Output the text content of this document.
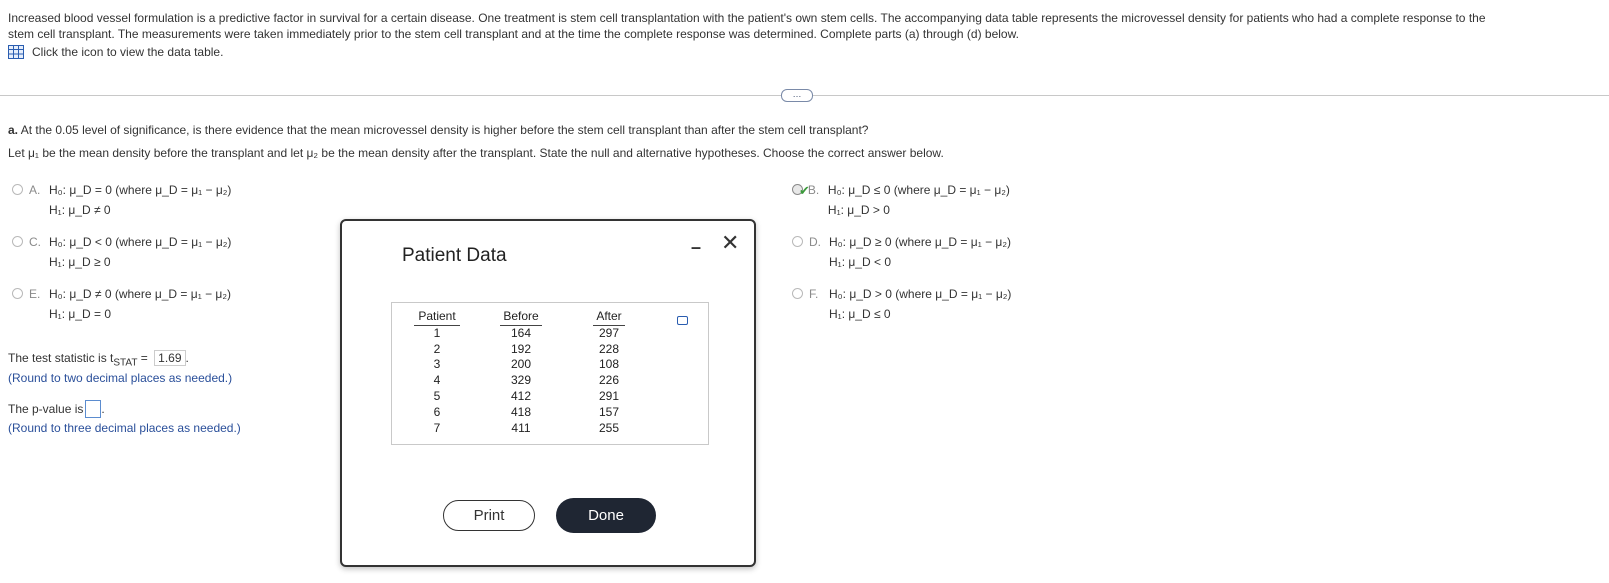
Increased blood vessel formulation is a predictive factor in survival for a certain disease. One treatment is stem cell transplantation with the patient's own stem cells. The accompanying data table represents the microvessel density for patients who had a complete response to the
stem cell transplant. The measurements were taken immediately prior to the stem cell transplant and at the time the complete response was determined. Complete parts (a) through (d) below.
Click the icon to view the data table.
…
a. At the 0.05 level of significance, is there evidence that the mean microvessel density is higher before the stem cell transplant than after the stem cell transplant?
Let μ₁ be the mean density before the transplant and let μ₂ be the mean density after the transplant. State the null and alternative hypotheses. Choose the correct answer below.
A. H₀: μ_D = 0 (where μ_D = μ₁ − μ₂)
H₁: μ_D ≠ 0
✔
B. H₀: μ_D ≤ 0 (where μ_D = μ₁ − μ₂)
H₁: μ_D > 0
C. H₀: μ_D < 0 (where μ_D = μ₁ − μ₂)
H₁: μ_D ≥ 0
D. H₀: μ_D ≥ 0 (where μ_D = μ₁ − μ₂)
H₁: μ_D < 0
E. H₀: μ_D ≠ 0 (where μ_D = μ₁ − μ₂)
H₁: μ_D = 0
F. H₀: μ_D > 0 (where μ_D = μ₁ − μ₂)
H₁: μ_D ≤ 0
The test statistic is $t_{STAT} = 1.69$ .
(Round to two decimal places as needed.)
The p-value is .
(Round to three decimal places as needed.)
Patient Data	– ✕
Patient
1
2
3
4
5
6
7
Before
164
192
200
329
412
418
411
After
297
228
108
226
291
157
255
Print	Done
